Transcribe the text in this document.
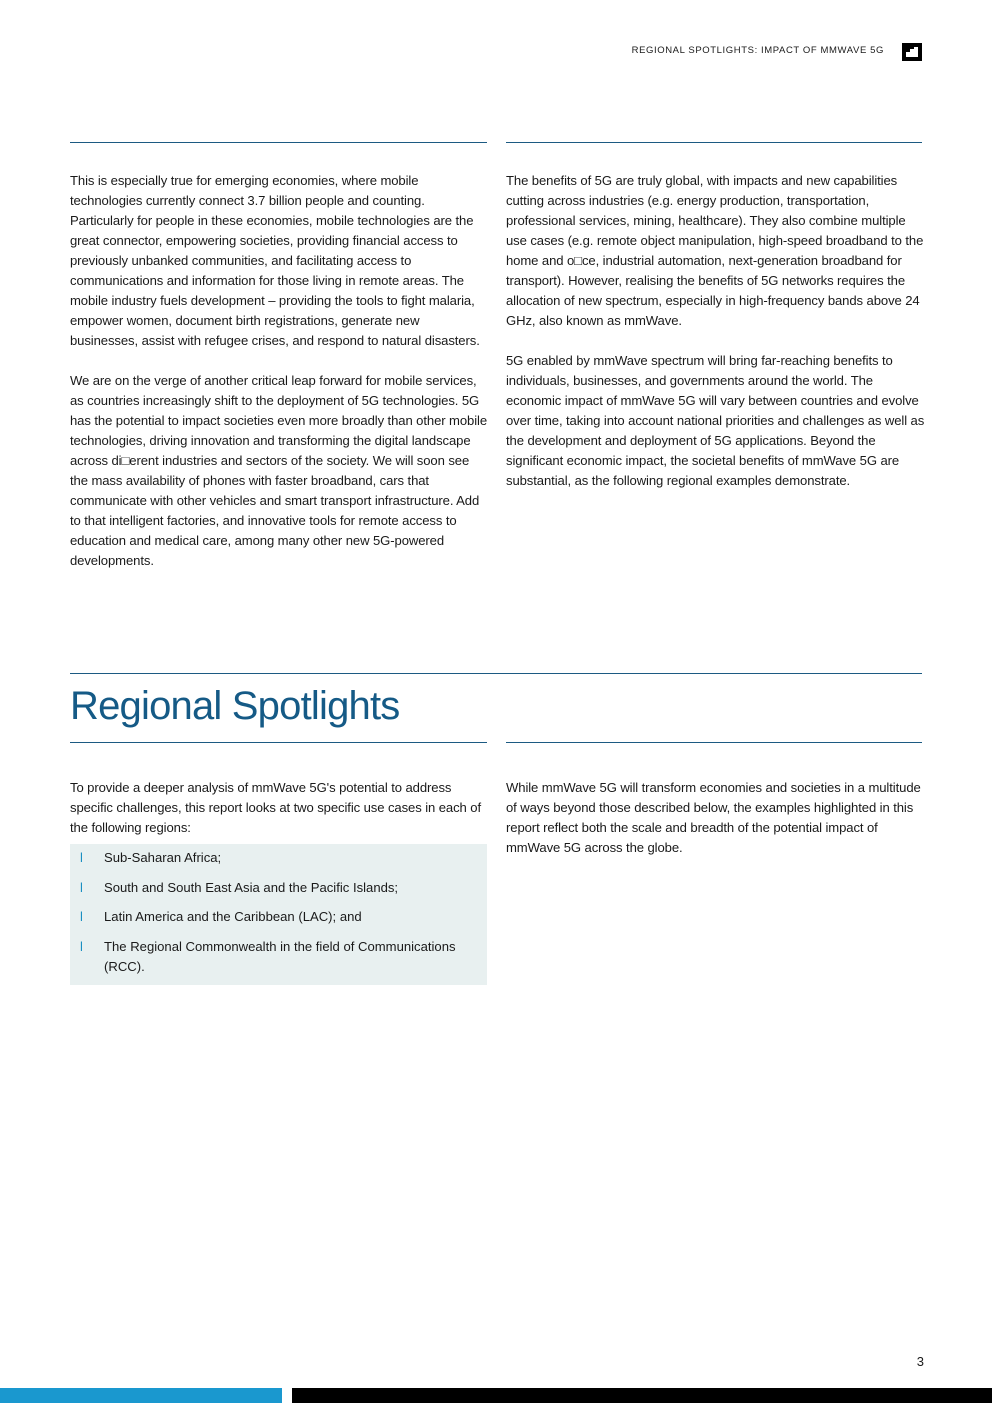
REGIONAL SPOTLIGHTS: IMPACT OF MMWAVE 5G

This is especially true for emerging economies, where mobile technologies currently connect 3.7 billion people and counting. Particularly for people in these economies, mobile technologies are the great connector, empowering societies, providing financial access to previously unbanked communities, and facilitating access to communications and information for those living in remote areas. The mobile industry fuels development – providing the tools to fight malaria, empower women, document birth registrations, generate new businesses, assist with refugee crises, and respond to natural disasters.

We are on the verge of another critical leap forward for mobile services, as countries increasingly shift to the deployment of 5G technologies. 5G has the potential to impact societies even more broadly than other mobile technologies, driving innovation and transforming the digital landscape across di□erent industries and sectors of the society. We will soon see the mass availability of phones with faster broadband, cars that communicate with other vehicles and smart transport infrastructure. Add to that intelligent factories, and innovative tools for remote access to education and medical care, among many other new 5G-powered developments.

The benefits of 5G are truly global, with impacts and new capabilities cutting across industries (e.g. energy production, transportation, professional services, mining, healthcare). They also combine multiple use cases (e.g. remote object manipulation, high-speed broadband to the home and o□ce, industrial automation, next-generation broadband for transport). However, realising the benefits of 5G networks requires the allocation of new spectrum, especially in high-frequency bands above 24 GHz, also known as mmWave.

5G enabled by mmWave spectrum will bring far-reaching benefits to individuals, businesses, and governments around the world. The economic impact of mmWave 5G will vary between countries and evolve over time, taking into account national priorities and challenges as well as the development and deployment of 5G applications. Beyond the significant economic impact, the societal benefits of mmWave 5G are substantial, as the following regional examples demonstrate.

Regional Spotlights

To provide a deeper analysis of mmWave 5G's potential to address specific challenges, this report looks at two specific use cases in each of the following regions:

l Sub-Saharan Africa;
l South and South East Asia and the Pacific Islands;
l Latin America and the Caribbean (LAC); and
l The Regional Commonwealth in the field of Communications (RCC).

While mmWave 5G will transform economies and societies in a multitude of ways beyond those described below, the examples highlighted in this report reflect both the scale and breadth of the potential impact of mmWave 5G across the globe.

3
